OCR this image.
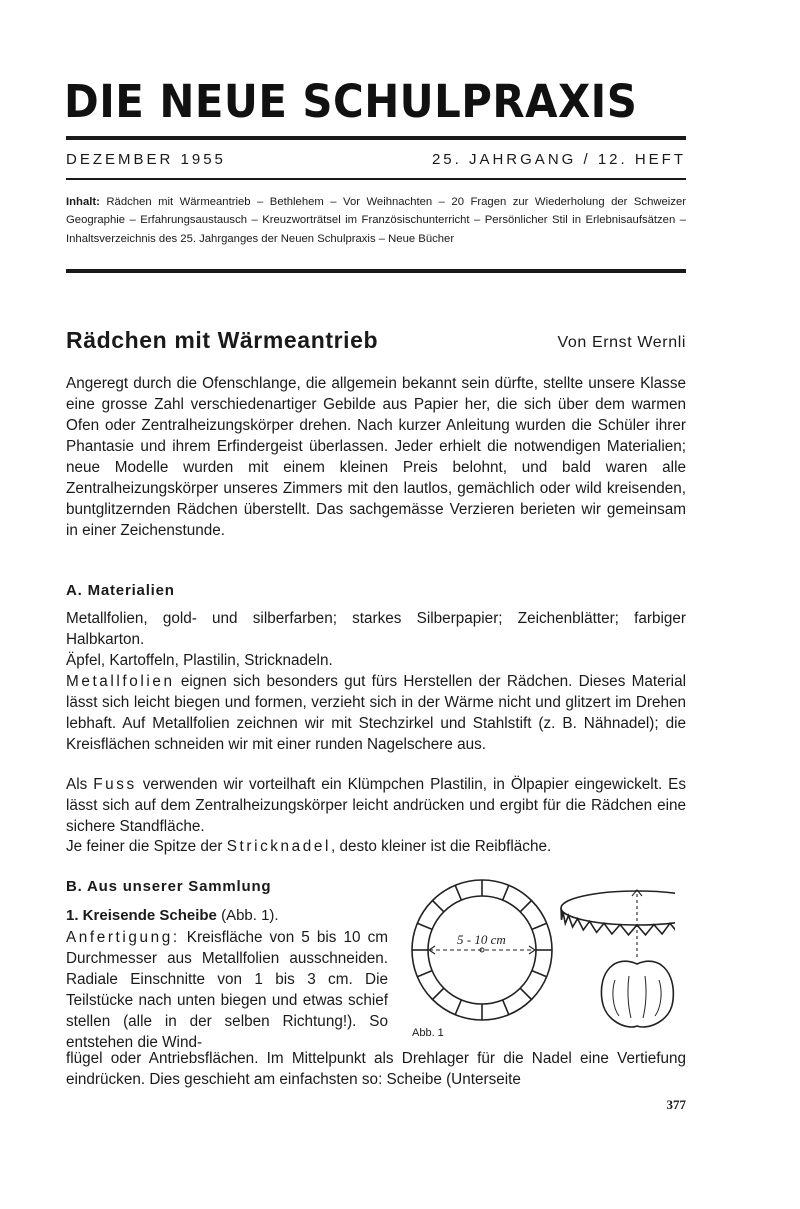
DIE NEUE SCHULPRAXIS
DEZEMBER 1955	25. JAHRGANG / 12. HEFT
Inhalt: Rädchen mit Wärmeantrieb – Bethlehem – Vor Weihnachten – 20 Fragen zur Wiederholung der Schweizer Geographie – Erfahrungsaustausch – Kreuzworträtsel im Französischunterricht – Persönlicher Stil in Erlebnisaufsätzen – Inhaltsverzeichnis des 25. Jahrganges der Neuen Schulpraxis – Neue Bücher
Rädchen mit Wärmeantrieb	Von Ernst Wernli

Angeregt durch die Ofenschlange, die allgemein bekannt sein dürfte, stellte unsere Klasse eine grosse Zahl verschiedenartiger Gebilde aus Papier her, die sich über dem warmen Ofen oder Zentralheizungskörper drehen. Nach kurzer Anleitung wurden die Schüler ihrer Phantasie und ihrem Erfindergeist überlassen. Jeder erhielt die notwendigen Materialien; neue Modelle wurden mit einem kleinen Preis belohnt, und bald waren alle Zentralheizungskörper unseres Zimmers mit den lautlos, gemächlich oder wild kreisenden, buntglitzernden Rädchen überstellt. Das sachgemässe Verzieren berieten wir gemeinsam in einer Zeichenstunde.

A. Materialien

Metallfolien, gold- und silberfarben; starkes Silberpapier; Zeichenblätter; farbiger Halbkarton.

Äpfel, Kartoffeln, Plastilin, Stricknadeln.

Metallfolien eignen sich besonders gut fürs Herstellen der Rädchen. Dieses Material lässt sich leicht biegen und formen, verzieht sich in der Wärme nicht und glitzert im Drehen lebhaft. Auf Metallfolien zeichnen wir mit Stechzirkel und Stahlstift (z. B. Nähnadel); die Kreisflächen schneiden wir mit einer runden Nagelschere aus.

Als Fuss verwenden wir vorteilhaft ein Klümpchen Plastilin, in Ölpapier eingewickelt. Es lässt sich auf dem Zentralheizungskörper leicht andrücken und ergibt für die Rädchen eine sichere Standfläche.

Je feiner die Spitze der Stricknadel, desto kleiner ist die Reibfläche.

B. Aus unserer Sammlung
1. Kreisende Scheibe (Abb. 1).

Anfertigung: Kreisfläche von 5 bis 10 cm Durchmesser aus Metallfolien ausschneiden. Radiale Einschnitte von 1 bis 3 cm. Die Teilstücke nach unten biegen und etwas schief stellen (alle in der selben Richtung!). So entstehen die Wind-

flügel oder Antriebsflächen. Im Mittelpunkt als Drehlager für die Nadel eine Vertiefung eindrücken. Dies geschieht am einfachsten so: Scheibe (Unterseite

377
5 - 10 cm
Abb. 1
